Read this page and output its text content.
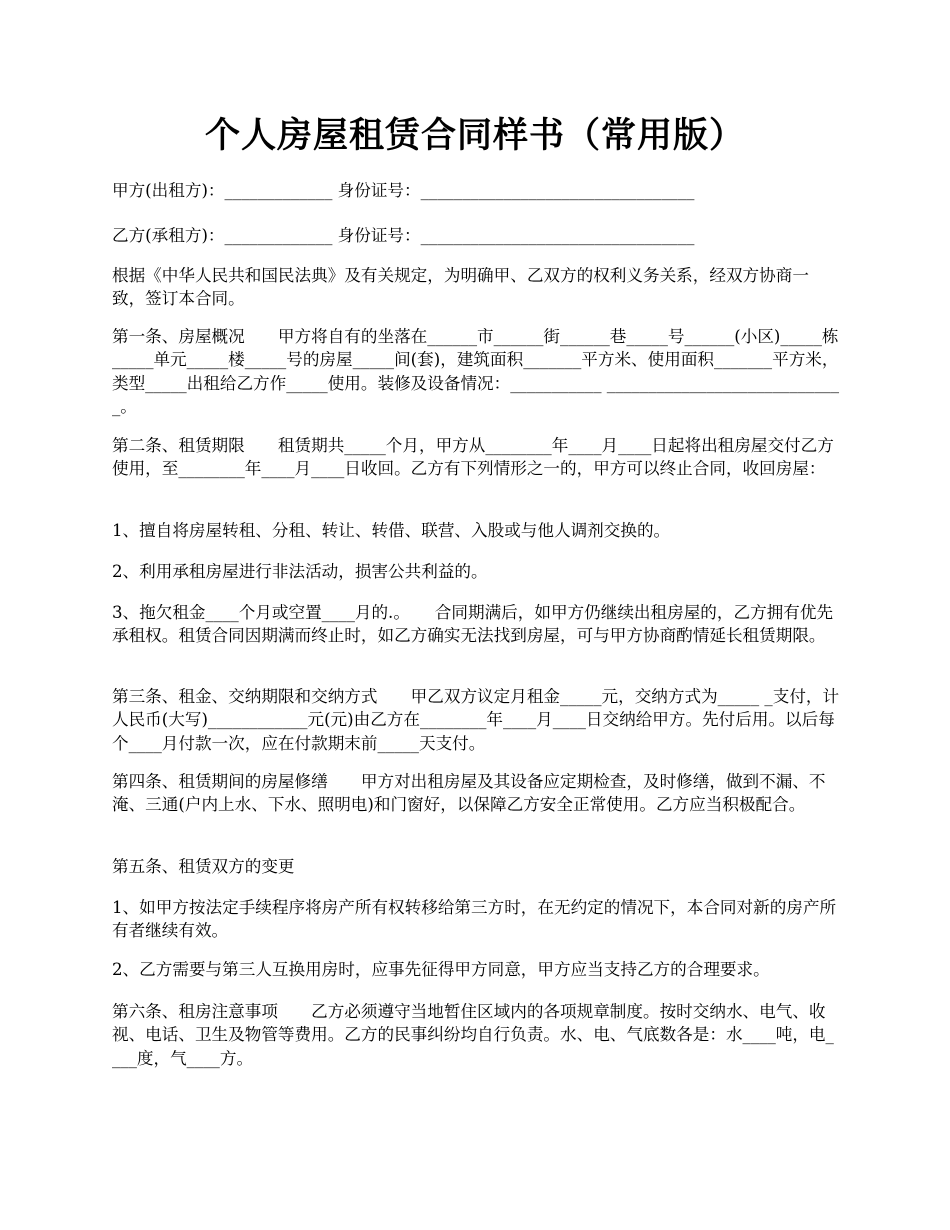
个人房屋租赁合同样书（常用版）
甲方(出租方)：_____________ 身份证号：_________________________________
乙方(承租方)：_____________ 身份证号：_________________________________
根据《中华人民共和国民法典》及有关规定，为明确甲、乙双方的权利义务关系，经双方协商一致，签订本合同。
第一条、房屋概况　　甲方将自有的坐落在______市______街______巷_____号______(小区)_____栋_____单元_____楼_____号的房屋_____间(套)，建筑面积_______平方米、使用面积_______平方米，类型_____出租给乙方作_____使用。装修及设备情况：___________ _____________________________。
第二条、租赁期限　　租赁期共_____个月，甲方从________年____月____日起将出租房屋交付乙方使用，至________年____月____日收回。乙方有下列情形之一的，甲方可以终止合同，收回房屋：
1、擅自将房屋转租、分租、转让、转借、联营、入股或与他人调剂交换的。
2、利用承租房屋进行非法活动，损害公共利益的。
3、拖欠租金____个月或空置____月的.。　　合同期满后，如甲方仍继续出租房屋的，乙方拥有优先承租权。租赁合同因期满而终止时，如乙方确实无法找到房屋，可与甲方协商酌情延长租赁期限。
第三条、租金、交纳期限和交纳方式　　甲乙双方议定月租金_____元，交纳方式为_____ _支付，计人民币(大写)____________元(元)由乙方在________年____月____日交纳给甲方。先付后用。以后每个____月付款一次，应在付款期末前_____天支付。
第四条、租赁期间的房屋修缮　　甲方对出租房屋及其设备应定期检查，及时修缮，做到不漏、不淹、三通(户内上水、下水、照明电)和门窗好，以保障乙方安全正常使用。乙方应当积极配合。
第五条、租赁双方的变更
1、如甲方按法定手续程序将房产所有权转移给第三方时，在无约定的情况下，本合同对新的房产所有者继续有效。
2、乙方需要与第三人互换用房时，应事先征得甲方同意，甲方应当支持乙方的合理要求。
第六条、租房注意事项　　乙方必须遵守当地暂住区域内的各项规章制度。按时交纳水、电气、收视、电话、卫生及物管等费用。乙方的民事纠纷均自行负责。水、电、气底数各是：水____吨，电____度，气____方。
